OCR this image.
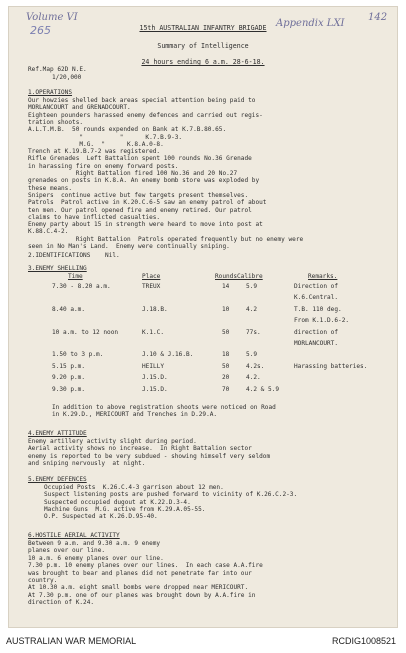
Volume VI
265
Appendix LXI
142
15th AUSTRALIAN INFANTRY BRIGADE
Summary of Intelligence
24 hours ending 6 a.m. 28-6-18.
Ref.Map 62D N.E.
1/20,000
1.OPERATIONS
Our howzies shelled back areas special attention being paid to
MORLANCOURT and GRENADCOURT.
Eighteen pounders harassed enemy defences and carried out regis-
tration shoots.
A.L.T.M.B.  50 rounds expended on Bank at K.7.B.80.65.
"          "      K.7.B.9-3.
M.G.  "      K.8.A.0-8.
Trench at K.19.B.7-2 was registered.
Rifle Grenades  Left Battalion spent 100 rounds No.36 Grenade
in harassing fire on enemy forward posts.
Right Battalion fired 100 No.36 and 20 No.27
grenades on posts in K.8.A. An enemy bomb store was exploded by
these means.
Snipers  continue active but few targets present themselves.
Patrols  Patrol active in K.20.C.6-5 saw an enemy patrol of about
ten men. Our patrol opened fire and enemy retired. Our patrol
claims to have inflicted casualties.
Enemy party about 15 in strength were heard to move into post at
K.88.C.4-2.
Right Battalion  Patrols operated frequently but no enemy were
seen in No Man's Land.  Enemy were continually sniping.
2.IDENTIFICATIONS    Nil.
3.ENEMY SHELLING
Time	Place	RoundsCalibre	Remarks.
7.30 - 8.20 a.m.	TREUX	14	5.9	Direction of
K.6.Central.
8.40 a.m.	J.18.B.	10	4.2	T.B. 110 deg.
From K.1.D.6-2.
10 a.m. to 12 noon	K.1.C.	50	77s.	direction of
MORLANCOURT.
1.50 to 3 p.m.	J.10 & J.16.B.	18	5.9
5.15 p.m.	HEILLY	50	4.2s.	Harassing batteries.
9.20 p.m.	J.15.D.	20	4.2.
9.30 p.m.	J.15.D.	70	4.2 & 5.9
In addition to above registration shoots were noticed on Road
in K.29.D., MERICOURT and Trenches in D.29.A.
4.ENEMY ATTITUDE
Enemy artillery activity slight during period.
Aerial activity shows no increase.  In Right Battalion sector
enemy is reported to be very subdued - showing himself very seldom
and sniping nervously  at night.
5.ENEMY DEFENCES
Occupied Posts  K.26.C.4-3 garrison about 12 men.
Suspect listening posts are pushed forward to vicinity of K.26.C.2-3.
Suspected occupied dugout at K.22.D.3-4.
Machine Guns  M.G. active from K.29.A.05-55.
O.P. Suspected at K.26.D.95-40.
6.HOSTILE AERIAL ACTIVITY
Between 9 a.m. and 9.30 a.m. 9 enemy
planes over our line.
10 a.m. 6 enemy planes over our line.
7.30 p.m. 10 enemy planes over our lines.  In each case A.A.fire
was brought to bear and planes did not penetrate far into our
country.
At 10.30 a.m. eight small bombs were dropped near MERICOURT.
At 7.30 p.m. one of our planes was brought down by A.A.fire in
direction of K.24.
AUSTRALIAN WAR MEMORIAL	RCDIG1008521
